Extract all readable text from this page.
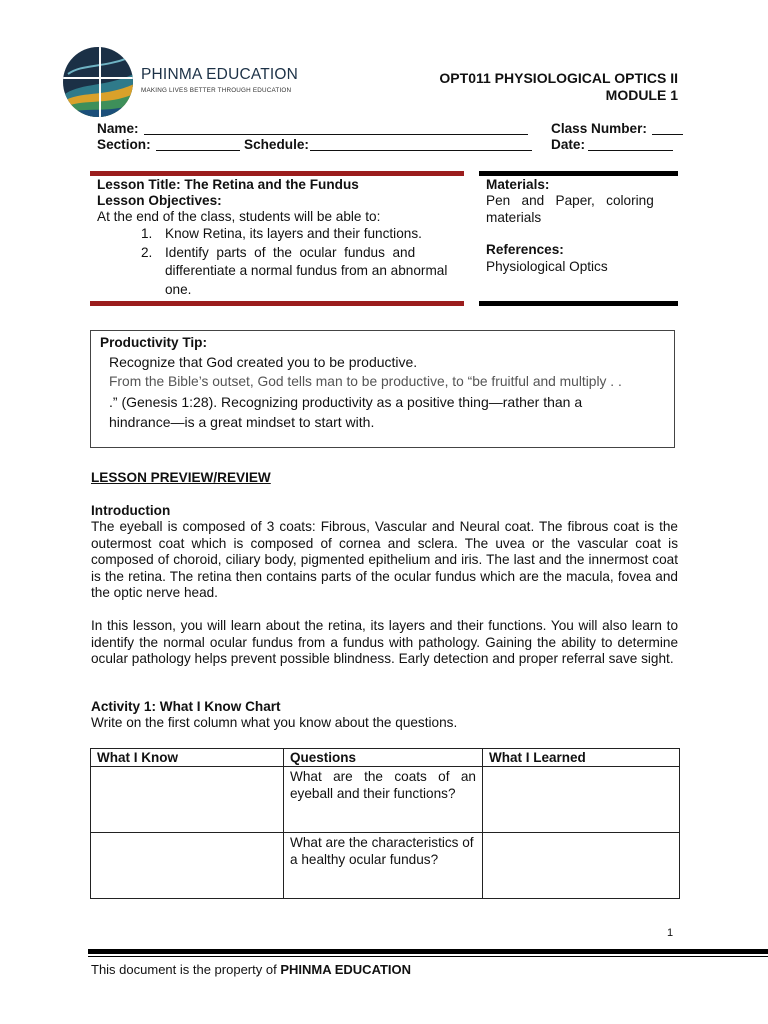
PHINMA EDUCATION
MAKING LIVES BETTER THROUGH EDUCATION
OPT011 PHYSIOLOGICAL OPTICS II
MODULE 1
Name:	Class Number:
Section:	Schedule:	Date:
Lesson Title: The Retina and the Fundus
Lesson Objectives:
At the end of the class, students will be able to:
1. Know Retina, its layers and their functions.
2. Identify  parts  of  the  ocular  fundus  and
differentiate a normal fundus from an abnormal
one.
Materials:
Pen   and   Paper,   coloring
materials
References:
Physiological Optics
Productivity Tip:
Recognize that God created you to be productive.
From the Bible’s outset, God tells man to be productive, to “be fruitful and multiply . .
.” (Genesis 1:28). Recognizing productivity as a positive thing—rather than a
hindrance—is a great mindset to start with.
LESSON PREVIEW/REVIEW
Introduction

The eyeball is composed of 3 coats: Fibrous, Vascular and Neural coat. The fibrous coat is the outermost coat which is composed of cornea and sclera. The uvea or the vascular coat is composed of choroid, ciliary body, pigmented epithelium and iris. The last and the innermost coat is the retina. The retina then contains parts of the ocular fundus which are the macula, fovea and the optic nerve head.

In this lesson, you will learn about the retina, its layers and their functions. You will also learn to identify the normal ocular fundus from a fundus with pathology. Gaining the ability to determine ocular pathology helps prevent possible blindness. Early detection and proper referral save sight.

Activity 1: What I Know Chart
Write on the first column what you know about the questions.
What I Know	Questions	What I Learned
	What are the coats of an eyeball and their functions?	
	What are the characteristics of a healthy ocular fundus?	
1
This document is the property of PHINMA EDUCATION
